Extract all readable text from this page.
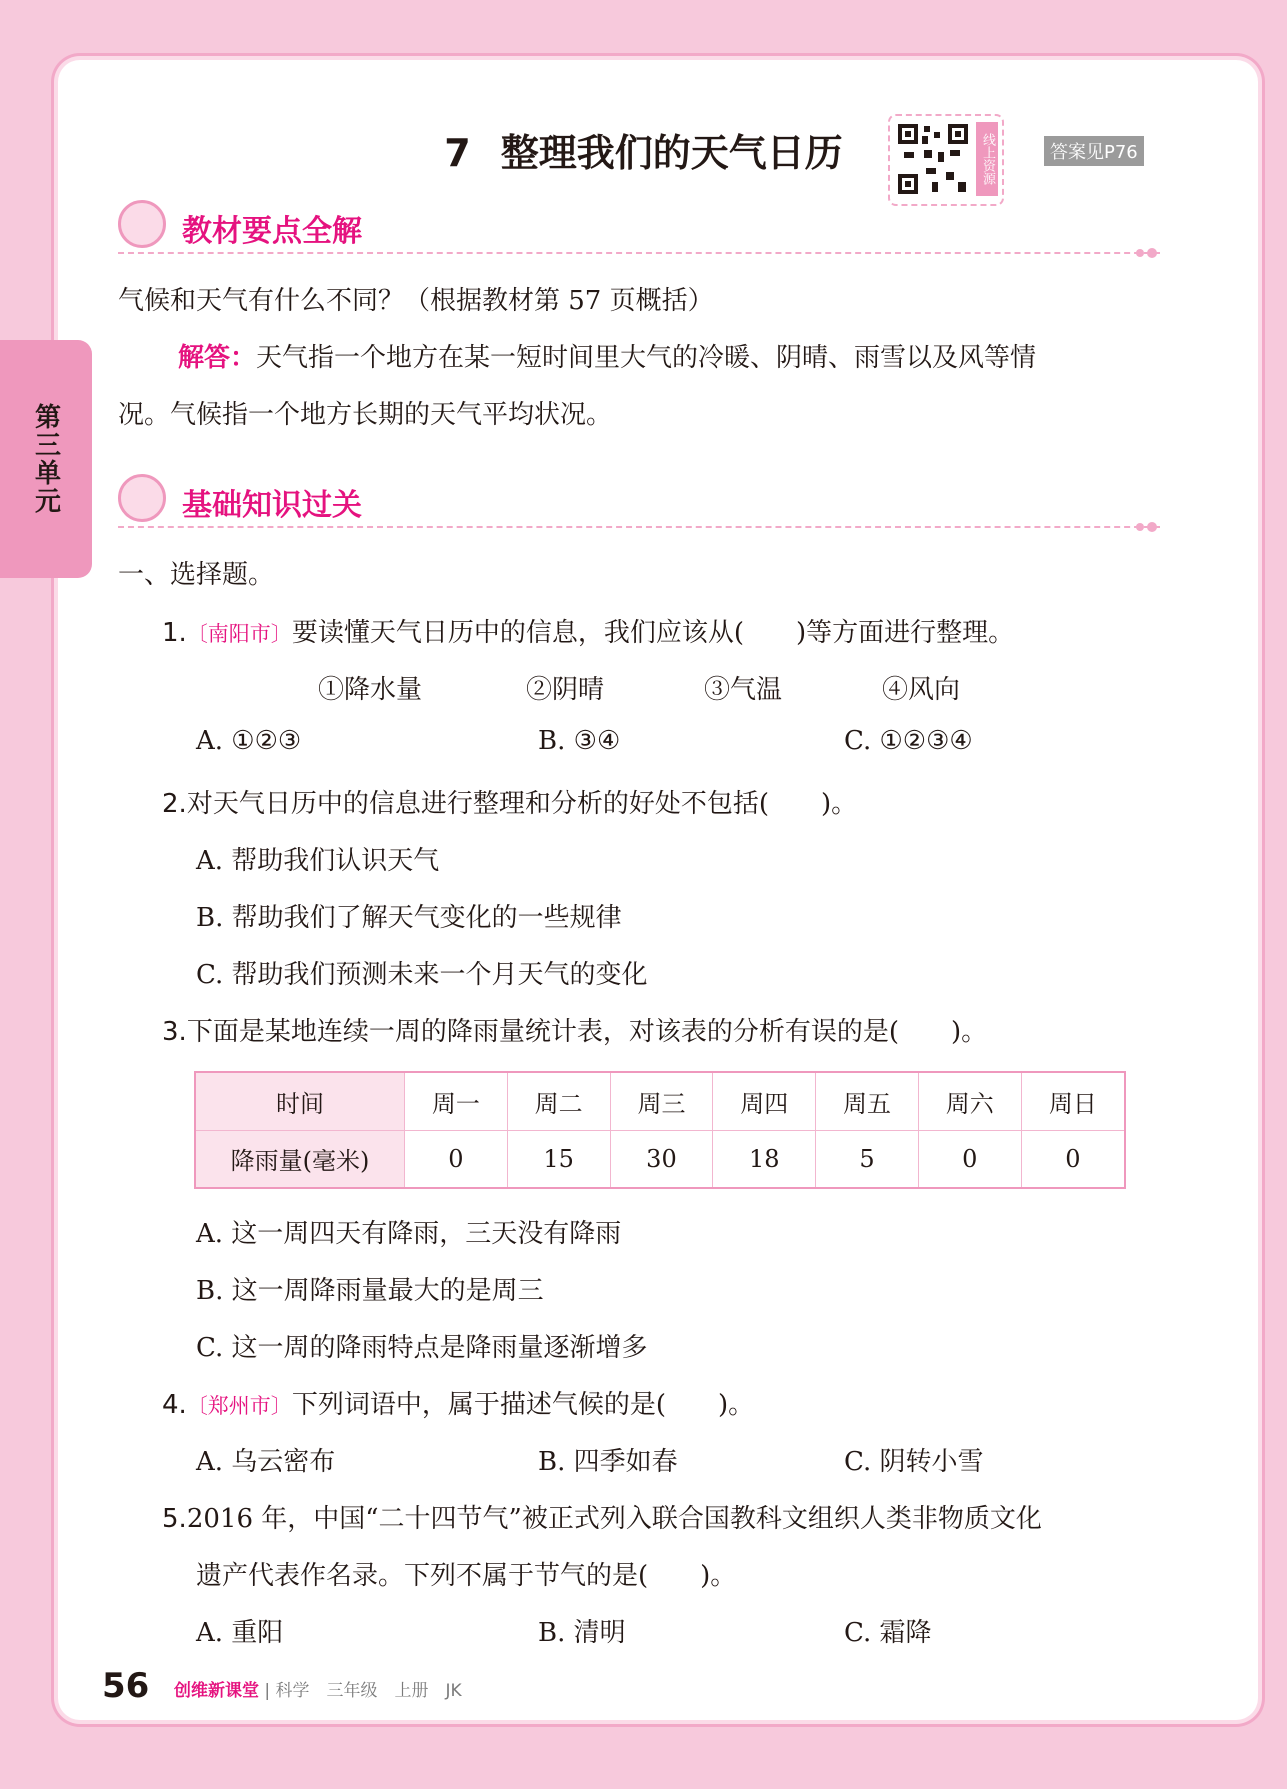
第三单元
7 整理我们的天气日历	线上资源	答案见P76
教材要点全解
气候和天气有什么不同？（根据教材第 57 页概括）
解答：天气指一个地方在某一短时间里大气的冷暖、阴晴、雨雪以及风等情
况。气候指一个地方长期的天气平均状况。
基础知识过关
一、选择题。
1.〔南阳市〕要读懂天气日历中的信息，我们应该从(　　)等方面进行整理。
①降水量	②阴晴	③气温	④风向
A. ①②③	B. ③④	C. ①②③④
2.对天气日历中的信息进行整理和分析的好处不包括(　　)。
A. 帮助我们认识天气
B. 帮助我们了解天气变化的一些规律
C. 帮助我们预测未来一个月天气的变化
3.下面是某地连续一周的降雨量统计表，对该表的分析有误的是(　　)。
时间	周一	周二	周三	周四	周五	周六	周日
降雨量(毫米)	0	15	30	18	5	0	0
A. 这一周四天有降雨，三天没有降雨
B. 这一周降雨量最大的是周三
C. 这一周的降雨特点是降雨量逐渐增多
4.〔郑州市〕下列词语中，属于描述气候的是(　　)。
A. 乌云密布	B. 四季如春	C. 阴转小雪
5.2016 年，中国“二十四节气”被正式列入联合国教科文组织人类非物质文化
遗产代表作名录。下列不属于节气的是(　　)。
A. 重阳	B. 清明	C. 霜降
56 创维新课堂 | 科学　三年级　上册　JK
